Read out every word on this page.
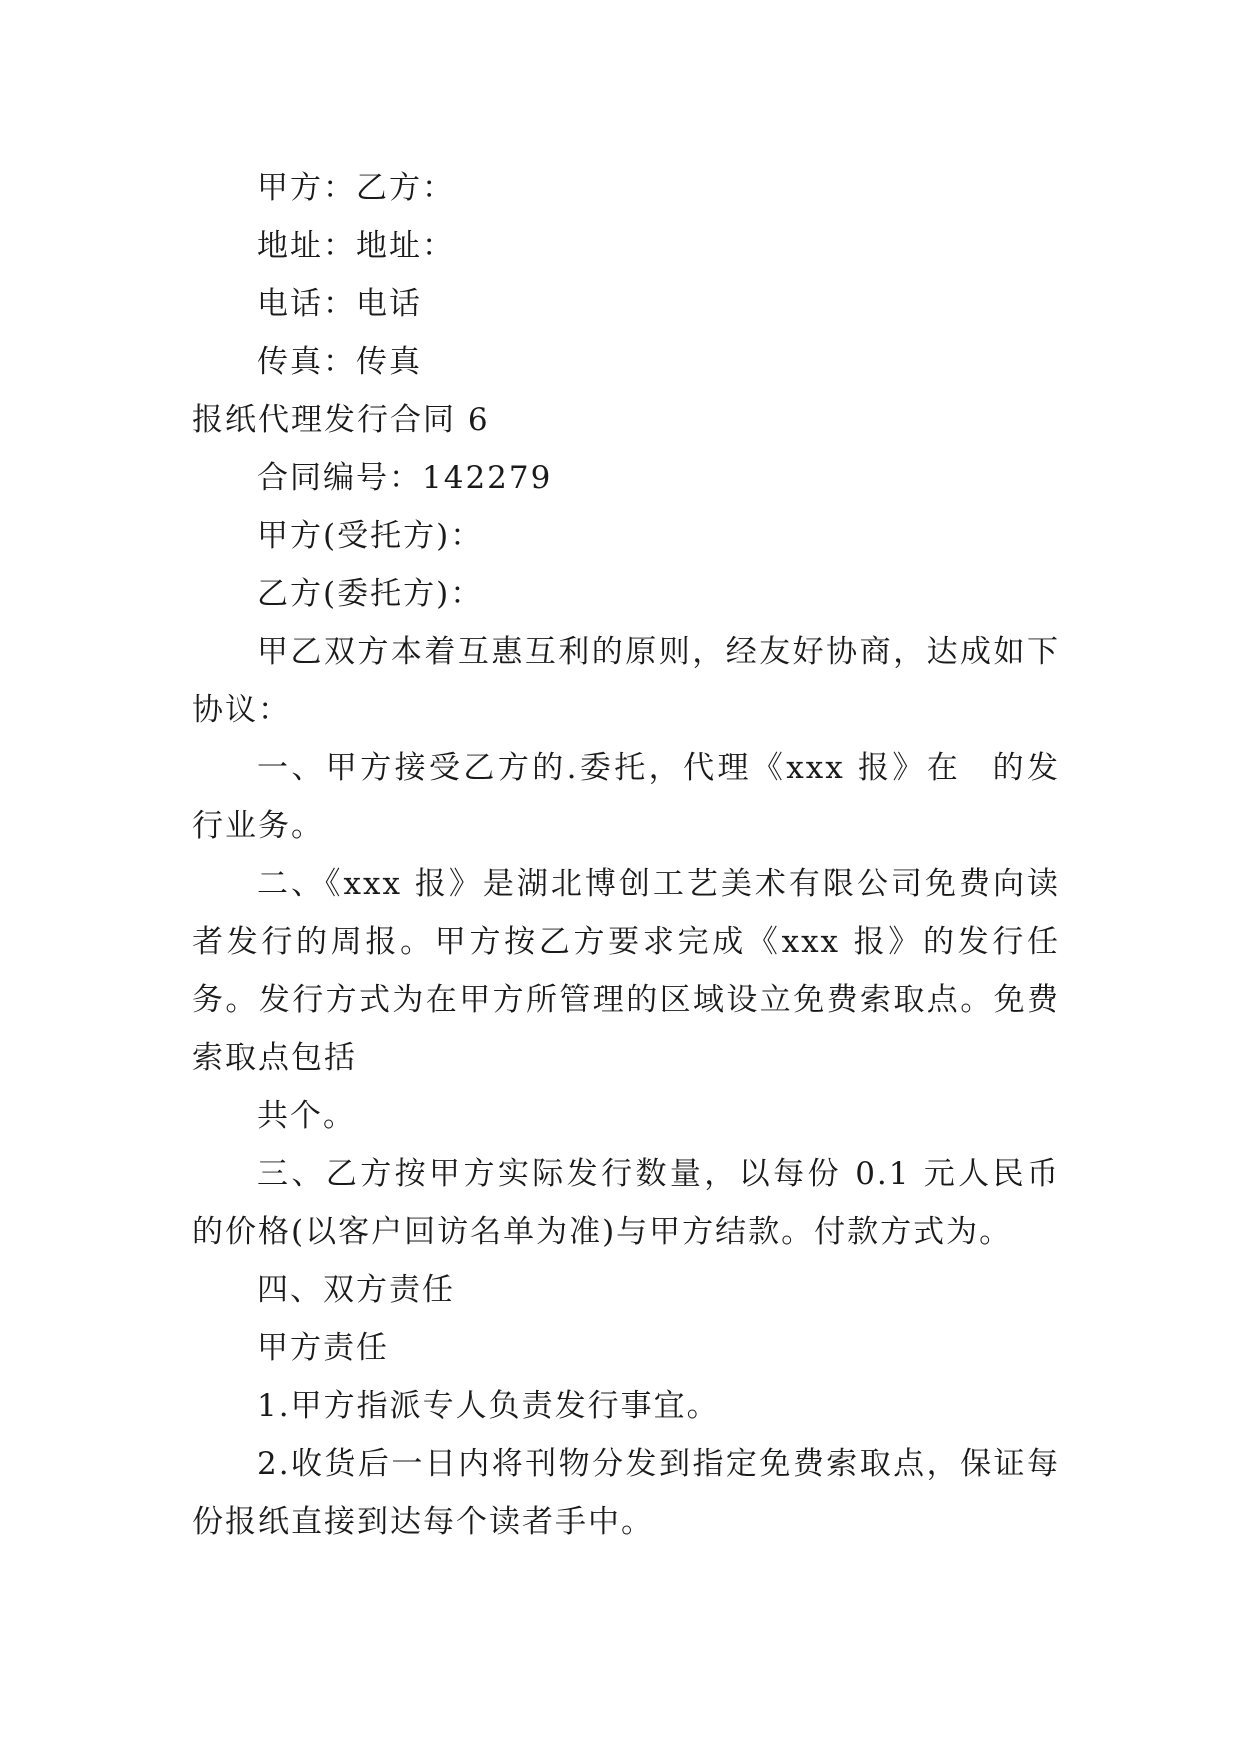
甲方：乙方：

地址：地址：

电话：电话

传真：传真

报纸代理发行合同 6

合同编号：142279

甲方(受托方)：

乙方(委托方)：

甲乙双方本着互惠互利的原则，经友好协商，达成如下协议：

一、甲方接受乙方的.委托，代理《xxx 报》在 的发行业务。

二、《xxx 报》是湖北博创工艺美术有限公司免费向读者发行的周报。甲方按乙方要求完成《xxx 报》的发行任务。发行方式为在甲方所管理的区域设立免费索取点。免费索取点包括

共个。

三、乙方按甲方实际发行数量，以每份 0.1 元人民币的价格(以客户回访名单为准)与甲方结款。付款方式为。

四、双方责任

甲方责任

1.甲方指派专人负责发行事宜。

2.收货后一日内将刊物分发到指定免费索取点，保证每份报纸直接到达每个读者手中。
